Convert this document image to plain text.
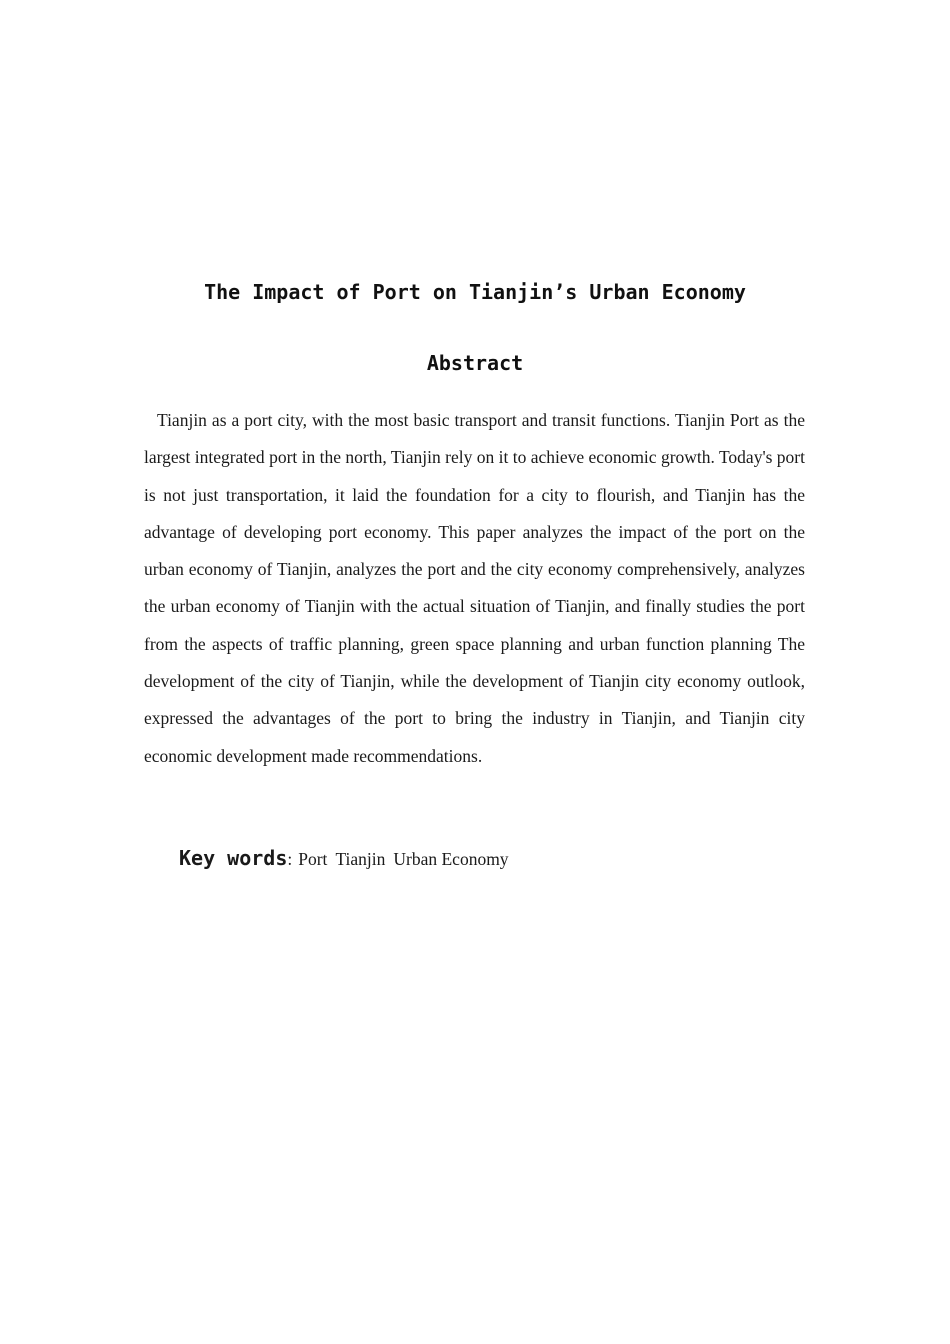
The Impact of Port on Tianjin’s Urban Economy
Abstract

Tianjin as a port city, with the most basic transport and transit functions. Tianjin Port as the largest integrated port in the north, Tianjin rely on it to achieve economic growth. Today's port is not just transportation, it laid the foundation for a city to flourish, and Tianjin has the advantage of developing port economy. This paper analyzes the impact of the port on the urban economy of Tianjin, analyzes the port and the city economy comprehensively, analyzes the urban economy of Tianjin with the actual situation of Tianjin, and finally studies the port from the aspects of traffic planning, green space planning and urban function planning The development of the city of Tianjin, while the development of Tianjin city economy outlook, expressed the advantages of the port to bring the industry in Tianjin, and Tianjin city economic development made recommendations.

Key words: Port Tianjin Urban Economy
